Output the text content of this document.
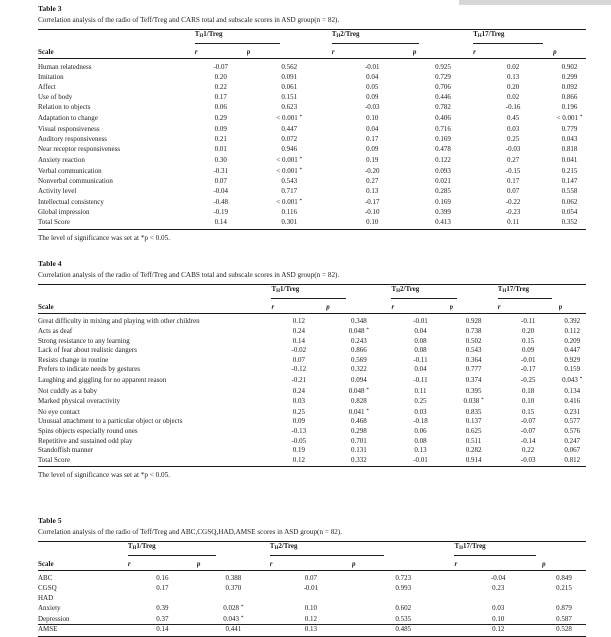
Table 3

Correlation analysis of the radio of Teff/Treg and CARS total and subscale scores in ASD group(n = 82).

	$T_H1$/Treg		$T_H2$/Treg		$T_H17$/Treg	
Scale	r	p	r	p	r	p

Human relatedness	-0.07	0.562	-0.01	0.925	0.02	0.902
Imitation	0.20	0.091	0.04	0.729	0.13	0.299
Affect	0.22	0.061	0.05	0.706	0.20	0.092
Use of body	0.17	0.151	0.09	0.446	0.02	0.866
Relation to objects	0.06	0.623	-0.03	0.782	-0.16	0.196
Adaptation to change	0.29	< 0.001 *	0.10	0.406	0.45	< 0.001 *
Visual responsiveness	0.09	0.447	0.04	0.716	0.03	0.779
Auditory responsiveness	0.21	0.072	0.17	0.169	0.25	0.043
Near receptor responsiveness	0.01	0.946	0.09	0.478	-0.03	0.818
Anxiety reaction	0.30	< 0.001 *	0.19	0.122	0.27	0.041
Verbal communication	-0.31	< 0.001 *	-0.20	0.093	-0.15	0.215
Nonverbal communication	0.07	0.543	0.27	0.021	0.17	0.147
Activity level	-0.04	0.717	0.13	0.285	0.07	0.558
Intellectual consistency	-0.48	< 0.001 *	-0.17	0.169	-0.22	0.062
Global impression	-0.19	0.116	-0.10	0.399	-0.23	0.054
Total Score	0.14	0.301	0.10	0.413	0.11	0.352

The level of significance was set at *p < 0.05.

Table 4

Correlation analysis of the radio of Teff/Treg and CABS total and subscale scores in ASD group(n = 82).

	$T_H1$/Treg		$T_H2$/Treg		$T_H17$/Treg	
Scale	r	p	r	p	r	p

Great difficulty in mixing and playing with other children	0.12	0.348	-0.01	0.928	-0.11	0.392
Acts as deaf	0.24	0.048 *	0.04	0.738	0.20	0.112
Strong resistance to any learning	0.14	0.243	0.08	0.502	0.15	0.209
Lack of fear about realistic dangers	-0.02	0.866	0.08	0.543	0.09	0.447
Resists change in routine	0.07	0.569	-0.11	0.364	-0.01	0.929
Prefers to indicate needs by gestures	-0.12	0.322	0.04	0.777	-0.17	0.159
Laughing and giggling for no apparent reason	-0.21	0.094	-0.11	0.374	-0.25	0.043 *
Not cuddly as a baby	0.24	0.048 *	0.11	0.395	0.18	0.134
Marked physical overactivity	0.03	0.828	0.25	0.038 *	0.10	0.416
No eye contact	0.25	0.041 *	0.03	0.835	0.15	0.231
Unusual attachment to a particular object or objects	0.09	0.468	-0.18	0.137	-0.07	0.577
Spins objects especially round ones	-0.13	0.298	0.06	0.625	-0.07	0.576
Repetitive and sustained odd play	-0.05	0.701	0.08	0.511	-0.14	0.247
Standoffish manner	0.19	0.131	0.13	0.282	0.22	0.067
Total Score	0.12	0.332	-0.01	0.914	-0.03	0.812

The level of significance was set at *p < 0.05.

Table 5

Correlation analysis of the radio of Teff/Treg and ABC,CGSQ,HAD,AMSE scores in ASD group(n = 82).

	$T_H1$/Treg		$T_H2$/Treg		$T_H17$/Treg	
Scale	r	p	r	p	r	p

ABC	0.16	0.388	0.07	0.723	-0.04	0.849
CGSQ	0.17	0.370	-0.01	0.993	0.23	0.215
HAD						
Anxiety	0.39	0.028 *	0.10	0.602	0.03	0.879
Depression	0.37	0.043 *	0.12	0.535	0.10	0.587
AMSE	0.14	0.441	0.13	0.485	0.12	0.528
